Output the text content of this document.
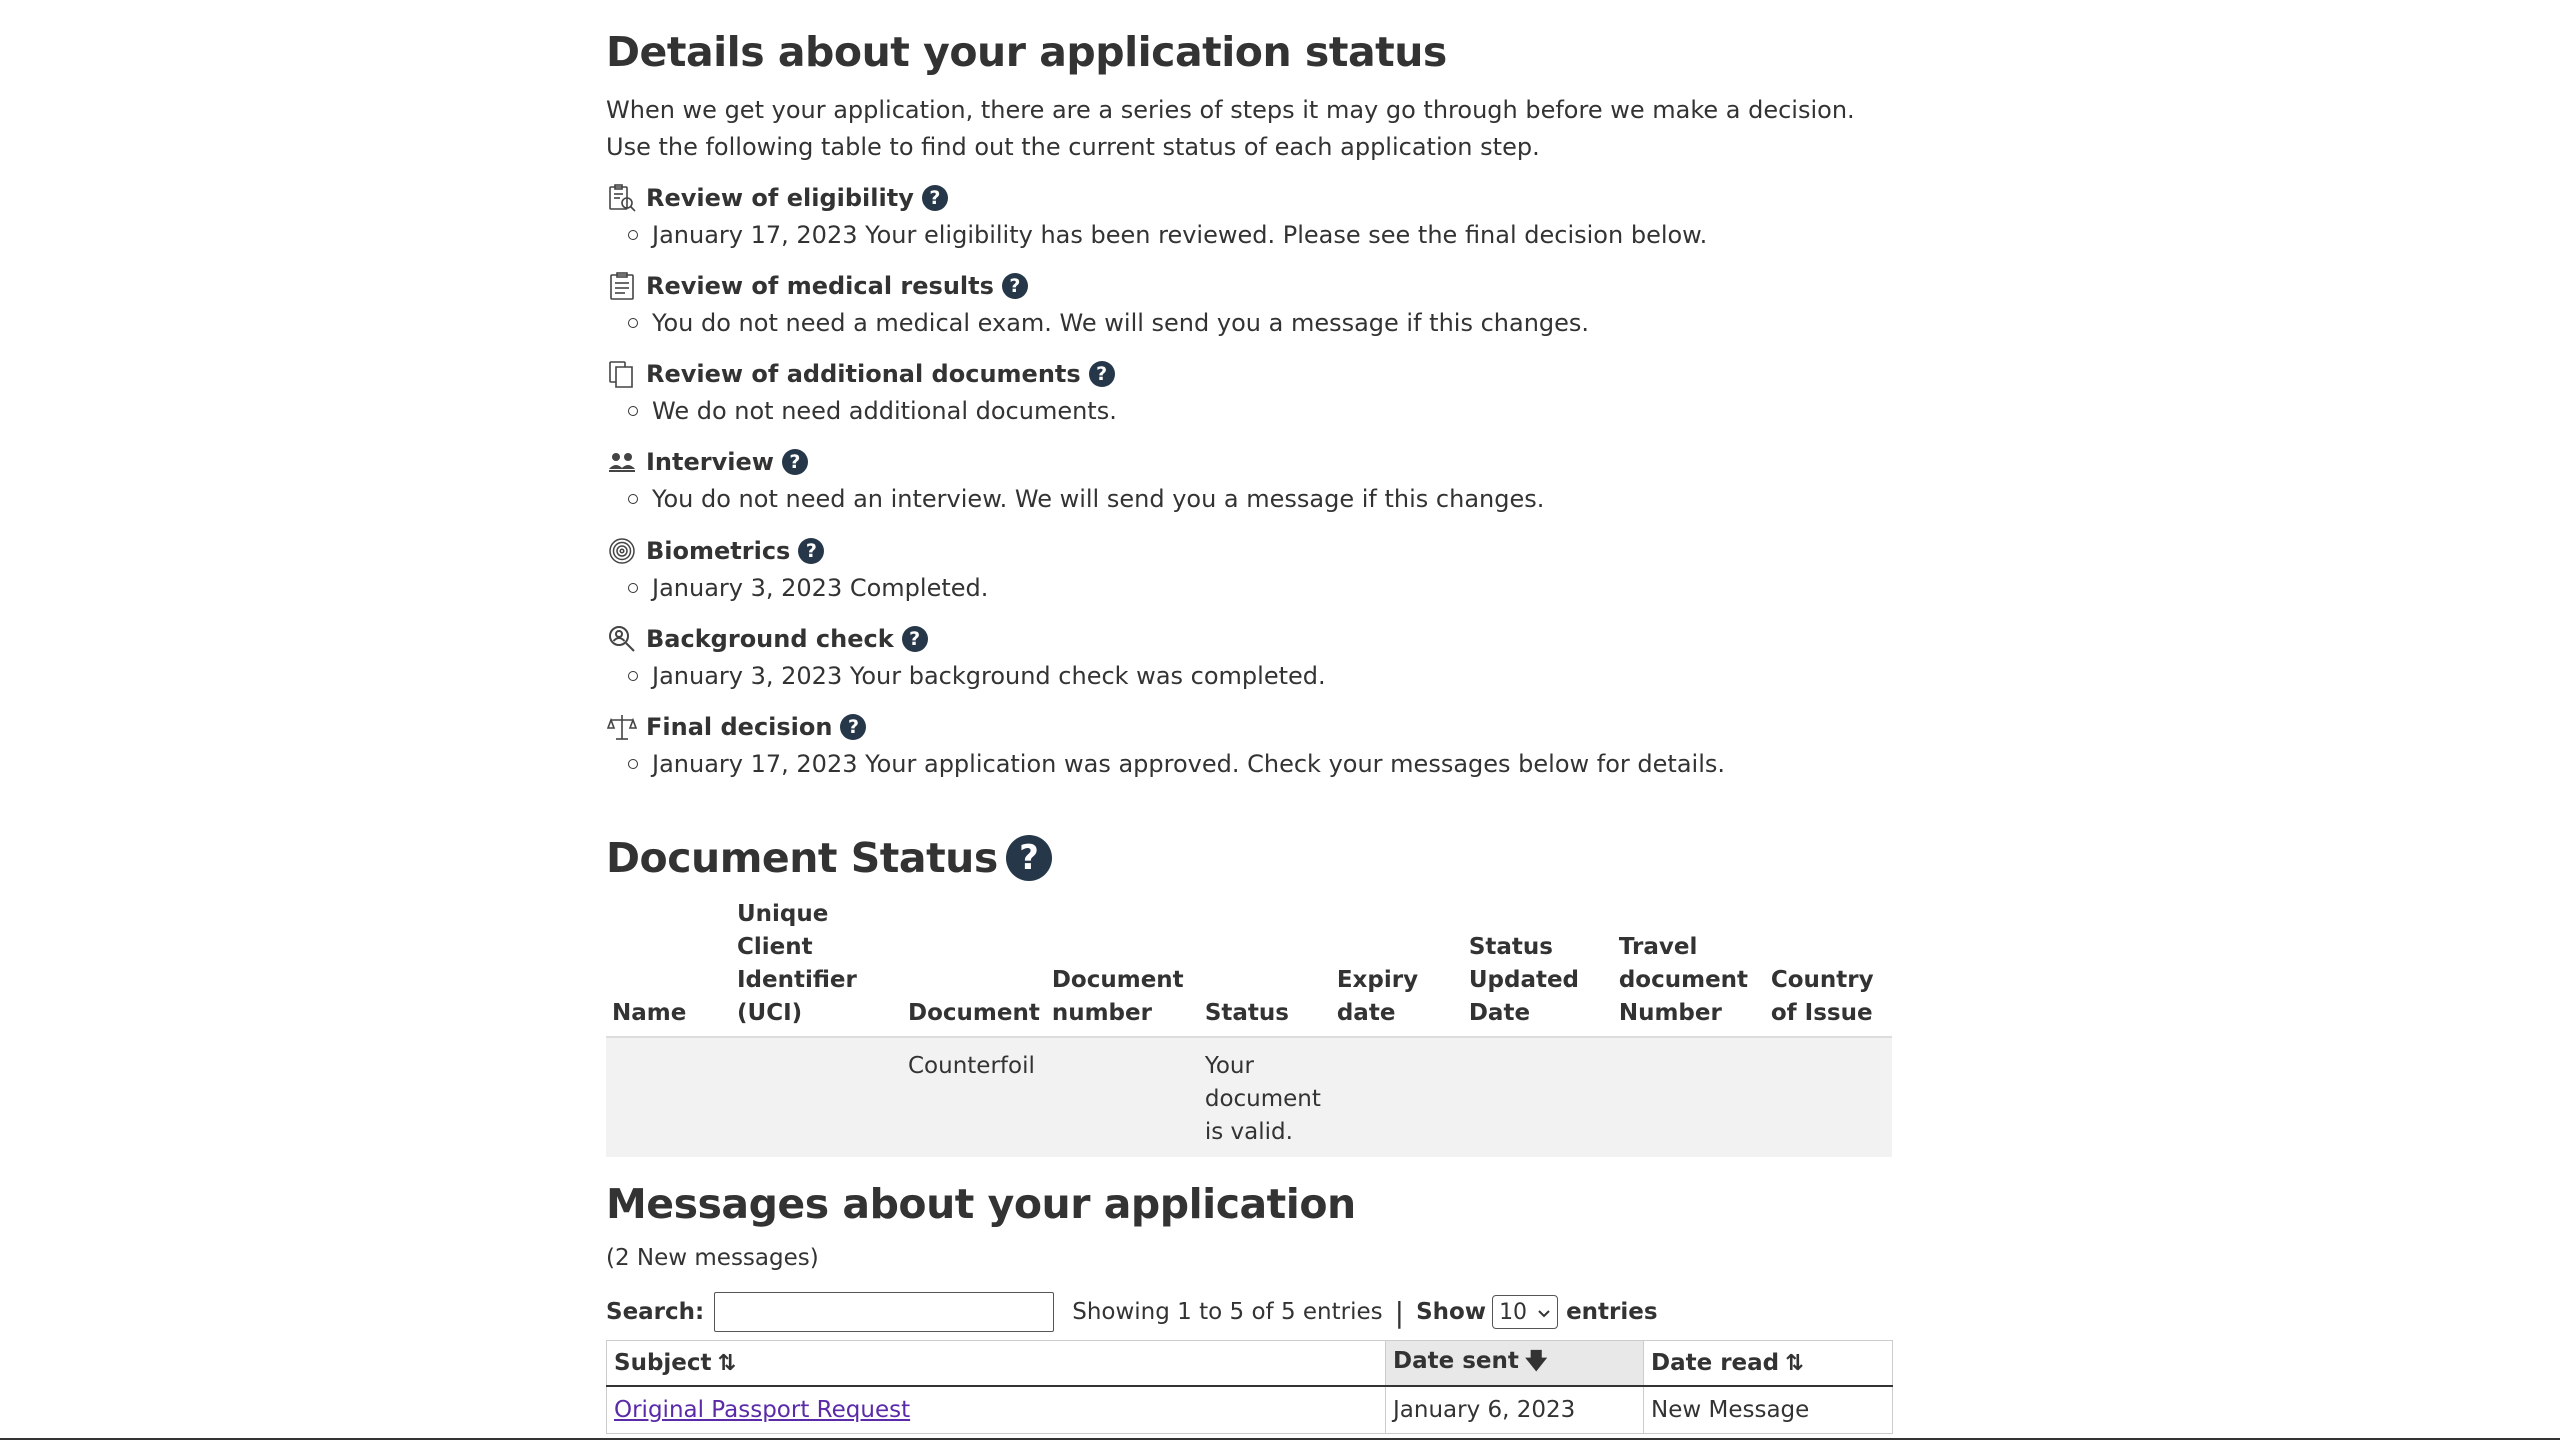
Details about your application status
When we get your application, there are a series of steps it may go through before we make a decision. Use the following table to find out the current status of each application step.
Review of eligibility ?
January 17, 2023 Your eligibility has been reviewed. Please see the final decision below.
Review of medical results ?
You do not need a medical exam. We will send you a message if this changes.
Review of additional documents ?
We do not need additional documents.
Interview ?
You do not need an interview. We will send you a message if this changes.
Biometrics ?
January 3, 2023 Completed.
Background check ?
January 3, 2023 Your background check was completed.
Final decision ?
January 17, 2023 Your application was approved. Check your messages below for details.
Document Status ?
Name	Unique Client Identifier (UCI)	Document	Document number	Status	Expiry date	Status Updated Date	Travel document Number	Country of Issue
		Counterfoil		Your document is valid.				
Messages about your application
(2 New messages)
Search:	Showing 1 to 5 of 5 entries | Show 10 entries
Subject ⇅	Date sent 🡇	Date read ⇅
Original Passport Request	January 6, 2023	New Message
